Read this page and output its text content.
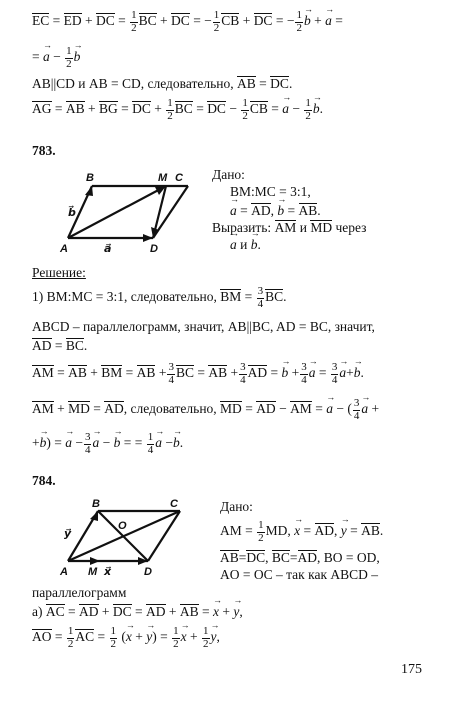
EC = ED + DC = $\frac{1}{2}$ BC + DC = − $\frac{1}{2}$ CB + DC = − $\frac{1}{2}$
→ b + → a =
= → $a - \frac{1}{2}$
→ b
AB||CD и AB = CD, следовательно, AB = DC.
AG = AB + BG = DC + $\frac{1}{2}$ BC = DC − $\frac{1}{2}$ CB = → $a - \frac{1}{2}$
→ b.
783.
B	M C
A	D
a⃗
b⃗
Дано:
BM:MC = 3:1,
→ a = AD, → b = AB.
Выразить: AM и MD через
→ a и → b.
Решение:
1) BM:MC = 3:1, следовательно, BM = $\frac{3}{4}$ BC.
ABCD – параллелограмм, значит, AB||BC, AD = BC, значит,
AD = BC.
AM = AB + BM = AB + $\frac{3}{4}$ BC = AB + $\frac{3}{4}$ AD = → $b + \frac{3}{4}$
→ $a = \frac{3}{4}$
→ a+→ b.
AM + MD = AD, следовательно, MD = AD − AM = → a − ( $\frac{3}{4}$
→ a +
+→ b) = → $a - \frac{3}{4}$
→ a − → b = = $\frac{1}{4}$
→ a −→ b.
784.
B	C
O
y⃗
A M x⃗	D
Дано:
AM = $\frac{1}{2}$ MD, → x = AD, → y = AB.
AB=DC, BC=AD, BO = OD,
AO = OC – так как ABCD –
параллелограмм
а) AC = AD + DC = AD + AB = → x + → y,
AO = $\frac{1}{2}$ AC = $\frac{1}{2}$ (→ x + → $y) = \frac{1}{2}$
→ $x + \frac{1}{2}$
→ y,
175
